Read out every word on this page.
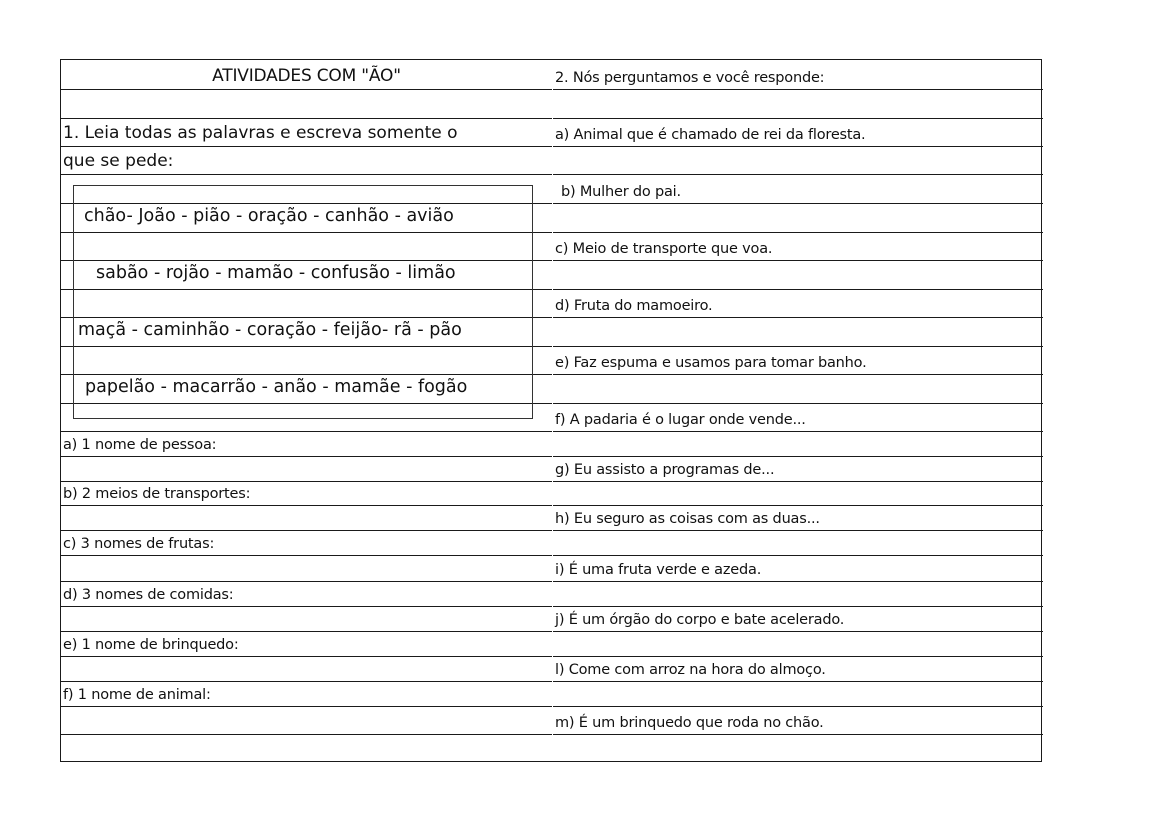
ATIVIDADES COM "ÃO"
1. Leia todas as palavras e escreva somente o
que se pede:
a) 1 nome de pessoa:
b) 2 meios de transportes:
c) 3 nomes de frutas:
d) 3 nomes de comidas:
e) 1 nome de brinquedo:
f) 1 nome de animal:
chão- João - pião - oração - canhão - avião
sabão - rojão - mamão - confusão - limão
maçã - caminhão - coração - feijão- rã - pão
papelão - macarrão - anão - mamãe - fogão
2. Nós perguntamos e você responde:
a) Animal que é chamado de rei da floresta.
b) Mulher do pai.
c) Meio de transporte que voa.
d) Fruta do mamoeiro.
e) Faz espuma e usamos para tomar banho.
f) A padaria é o lugar onde vende...
g) Eu assisto a programas de...
h) Eu seguro as coisas com as duas...
i) É uma fruta verde e azeda.
j) É um órgão do corpo e bate acelerado.
l) Come com arroz na hora do almoço.
m) É um brinquedo que roda no chão.
